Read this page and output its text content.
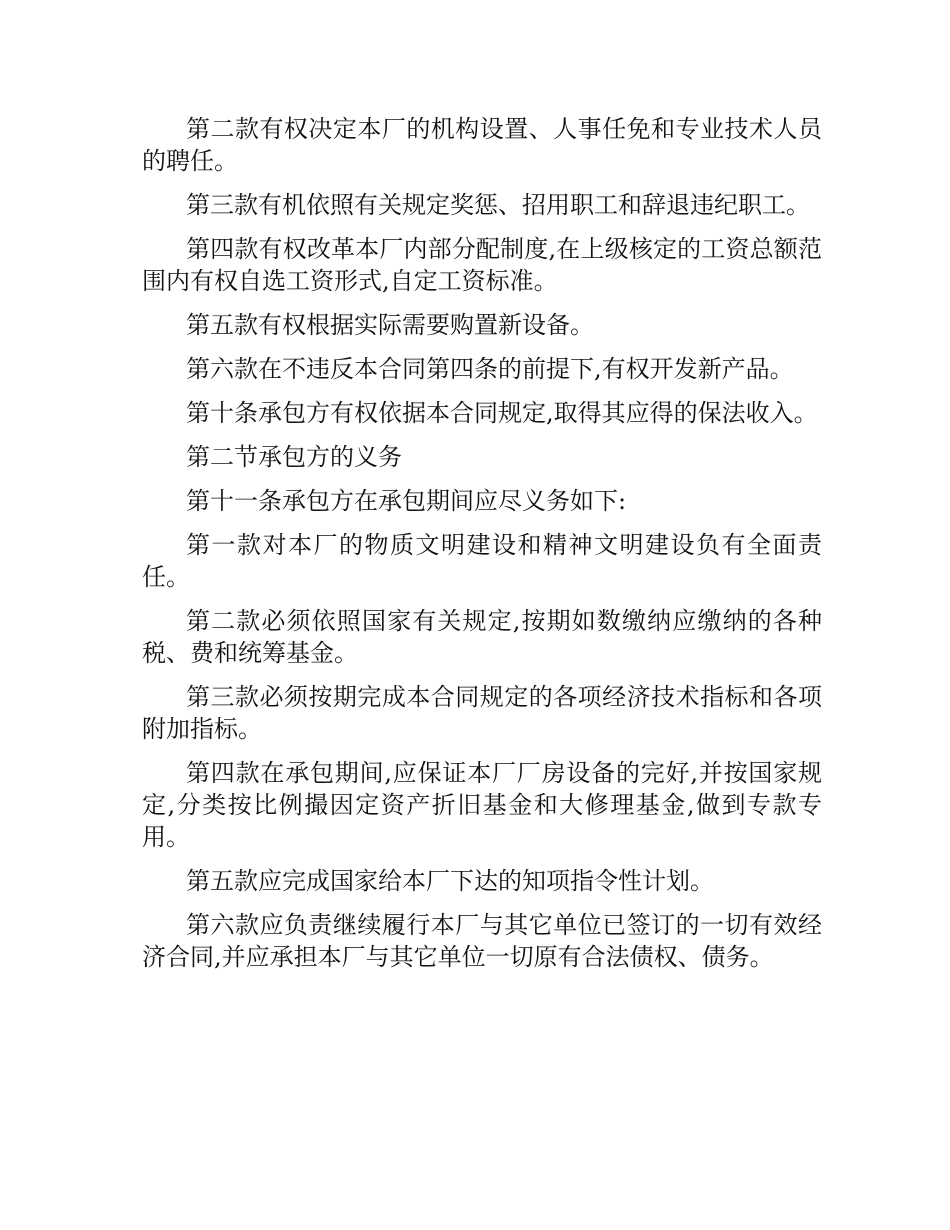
第二款有权决定本厂的机构设置、人事任免和专业技术人员的聘任。

第三款有机依照有关规定奖惩、招用职工和辞退违纪职工。

第四款有权改革本厂内部分配制度,在上级核定的工资总额范围内有权自选工资形式,自定工资标准。

第五款有权根据实际需要购置新设备。

第六款在不违反本合同第四条的前提下,有权开发新产品。

第十条承包方有权依据本合同规定,取得其应得的保法收入。

第二节承包方的义务

第十一条承包方在承包期间应尽义务如下:

第一款对本厂的物质文明建设和精神文明建设负有全面责任。

第二款必须依照国家有关规定,按期如数缴纳应缴纳的各种税、费和统筹基金。

第三款必须按期完成本合同规定的各项经济技术指标和各项附加指标。

第四款在承包期间,应保证本厂厂房设备的完好,并按国家规定,分类按比例撮因定资产折旧基金和大修理基金,做到专款专用。

第五款应完成国家给本厂下达的知项指令性计划。

第六款应负责继续履行本厂与其它单位已签订的一切有效经济合同,并应承担本厂与其它单位一切原有合法债权、债务。
